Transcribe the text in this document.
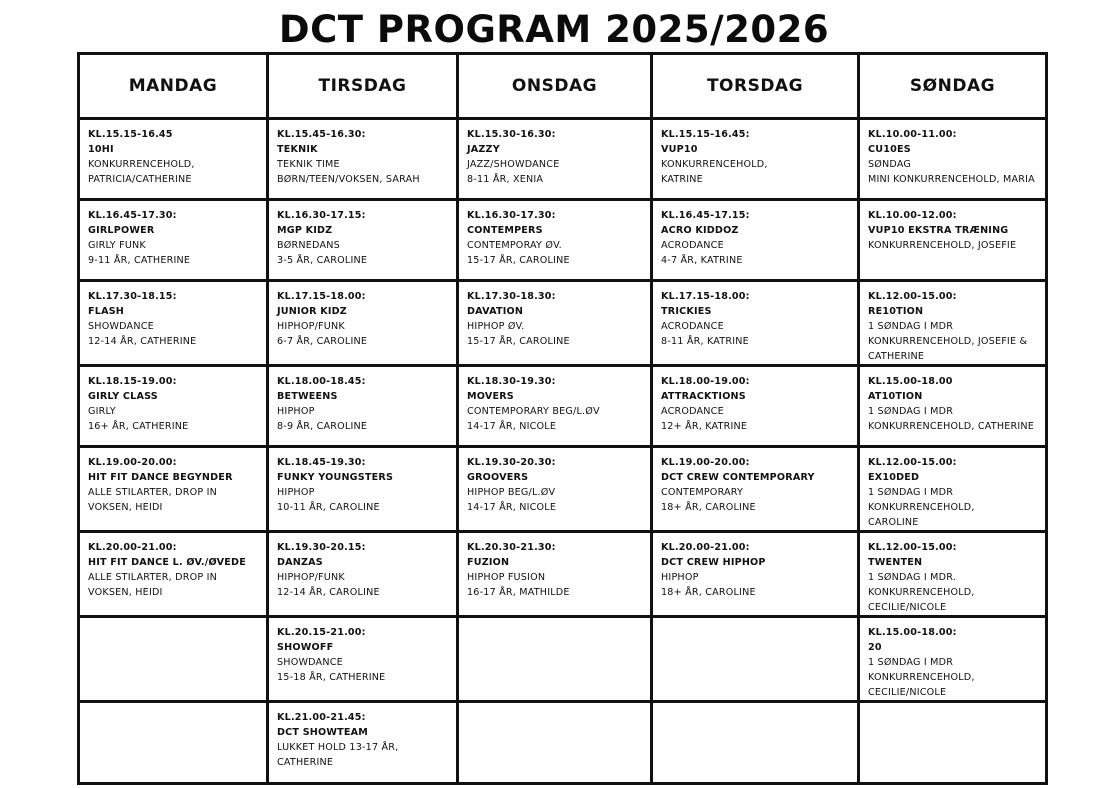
DCT PROGRAM 2025/2026
MANDAG	TIRSDAG	ONSDAG	TORSDAG	SØNDAG

KL.15.15-16.45
10HI
KONKURRENCEHOLD,
PATRICIA/CATHERINE	KL.15.45-16.30:
TEKNIK
TEKNIK TIME
BØRN/TEEN/VOKSEN, SARAH	KL.15.30-16.30:
JAZZY
JAZZ/SHOWDANCE
8-11 ÅR, XENIA	KL.15.15-16.45:
VUP10
KONKURRENCEHOLD,
KATRINE	KL.10.00-11.00:
CU10ES
SØNDAG
MINI KONKURRENCEHOLD, MARIA

KL.16.45-17.30:
GIRLPOWER
GIRLY FUNK
9-11 ÅR, CATHERINE	KL.16.30-17.15:
MGP KIDZ
BØRNEDANS
3-5 ÅR, CAROLINE	KL.16.30-17.30:
CONTEMPERS
CONTEMPORAY ØV.
15-17 ÅR, CAROLINE	KL.16.45-17.15:
ACRO KIDDOZ
ACRODANCE
4-7 ÅR, KATRINE	KL.10.00-12.00:
VUP10 EKSTRA TRÆNING
KONKURRENCEHOLD, JOSEFIE

KL.17.30-18.15:
FLASH
SHOWDANCE
12-14 ÅR, CATHERINE	KL.17.15-18.00:
JUNIOR KIDZ
HIPHOP/FUNK
6-7 ÅR, CAROLINE	KL.17.30-18.30:
DAVATION
HIPHOP ØV.
15-17 ÅR, CAROLINE	KL.17.15-18.00:
TRICKIES
ACRODANCE
8-11 ÅR, KATRINE	KL.12.00-15.00:
RE10TION
1 SØNDAG I MDR
KONKURRENCEHOLD, JOSEFIE &
CATHERINE

KL.18.15-19.00:
GIRLY CLASS
GIRLY
16+ ÅR, CATHERINE	KL.18.00-18.45:
BETWEENS
HIPHOP
8-9 ÅR, CAROLINE	KL.18.30-19.30:
MOVERS
CONTEMPORARY BEG/L.ØV
14-17 ÅR, NICOLE	KL.18.00-19.00:
ATTRACKTIONS
ACRODANCE
12+ ÅR, KATRINE	KL.15.00-18.00
AT10TION
1 SØNDAG I MDR
KONKURRENCEHOLD, CATHERINE

KL.19.00-20.00:
HIT FIT DANCE BEGYNDER
ALLE STILARTER, DROP IN
VOKSEN, HEIDI	KL.18.45-19.30:
FUNKY YOUNGSTERS
HIPHOP
10-11 ÅR, CAROLINE	KL.19.30-20.30:
GROOVERS
HIPHOP BEG/L.ØV
14-17 ÅR, NICOLE	KL.19.00-20.00:
DCT CREW CONTEMPORARY
CONTEMPORARY
18+ ÅR, CAROLINE	KL.12.00-15.00:
EX10DED
1 SØNDAG I MDR
KONKURRENCEHOLD,
CAROLINE

KL.20.00-21.00:
HIT FIT DANCE L. ØV./ØVEDE
ALLE STILARTER, DROP IN
VOKSEN, HEIDI	KL.19.30-20.15:
DANZAS
HIPHOP/FUNK
12-14 ÅR, CAROLINE	KL.20.30-21.30:
FUZION
HIPHOP FUSION
16-17 ÅR, MATHILDE	KL.20.00-21.00:
DCT CREW HIPHOP
HIPHOP
18+ ÅR, CAROLINE	KL.12.00-15.00:
TWENTEN
1 SØNDAG I MDR.
KONKURRENCEHOLD,
CECILIE/NICOLE

	KL.20.15-21.00:
SHOWOFF
SHOWDANCE
15-18 ÅR, CATHERINE			KL.15.00-18.00:
20
1 SØNDAG I MDR
KONKURRENCEHOLD,
CECILIE/NICOLE

	KL.21.00-21.45:
DCT SHOWTEAM
LUKKET HOLD 13-17 ÅR, CATHERINE			
